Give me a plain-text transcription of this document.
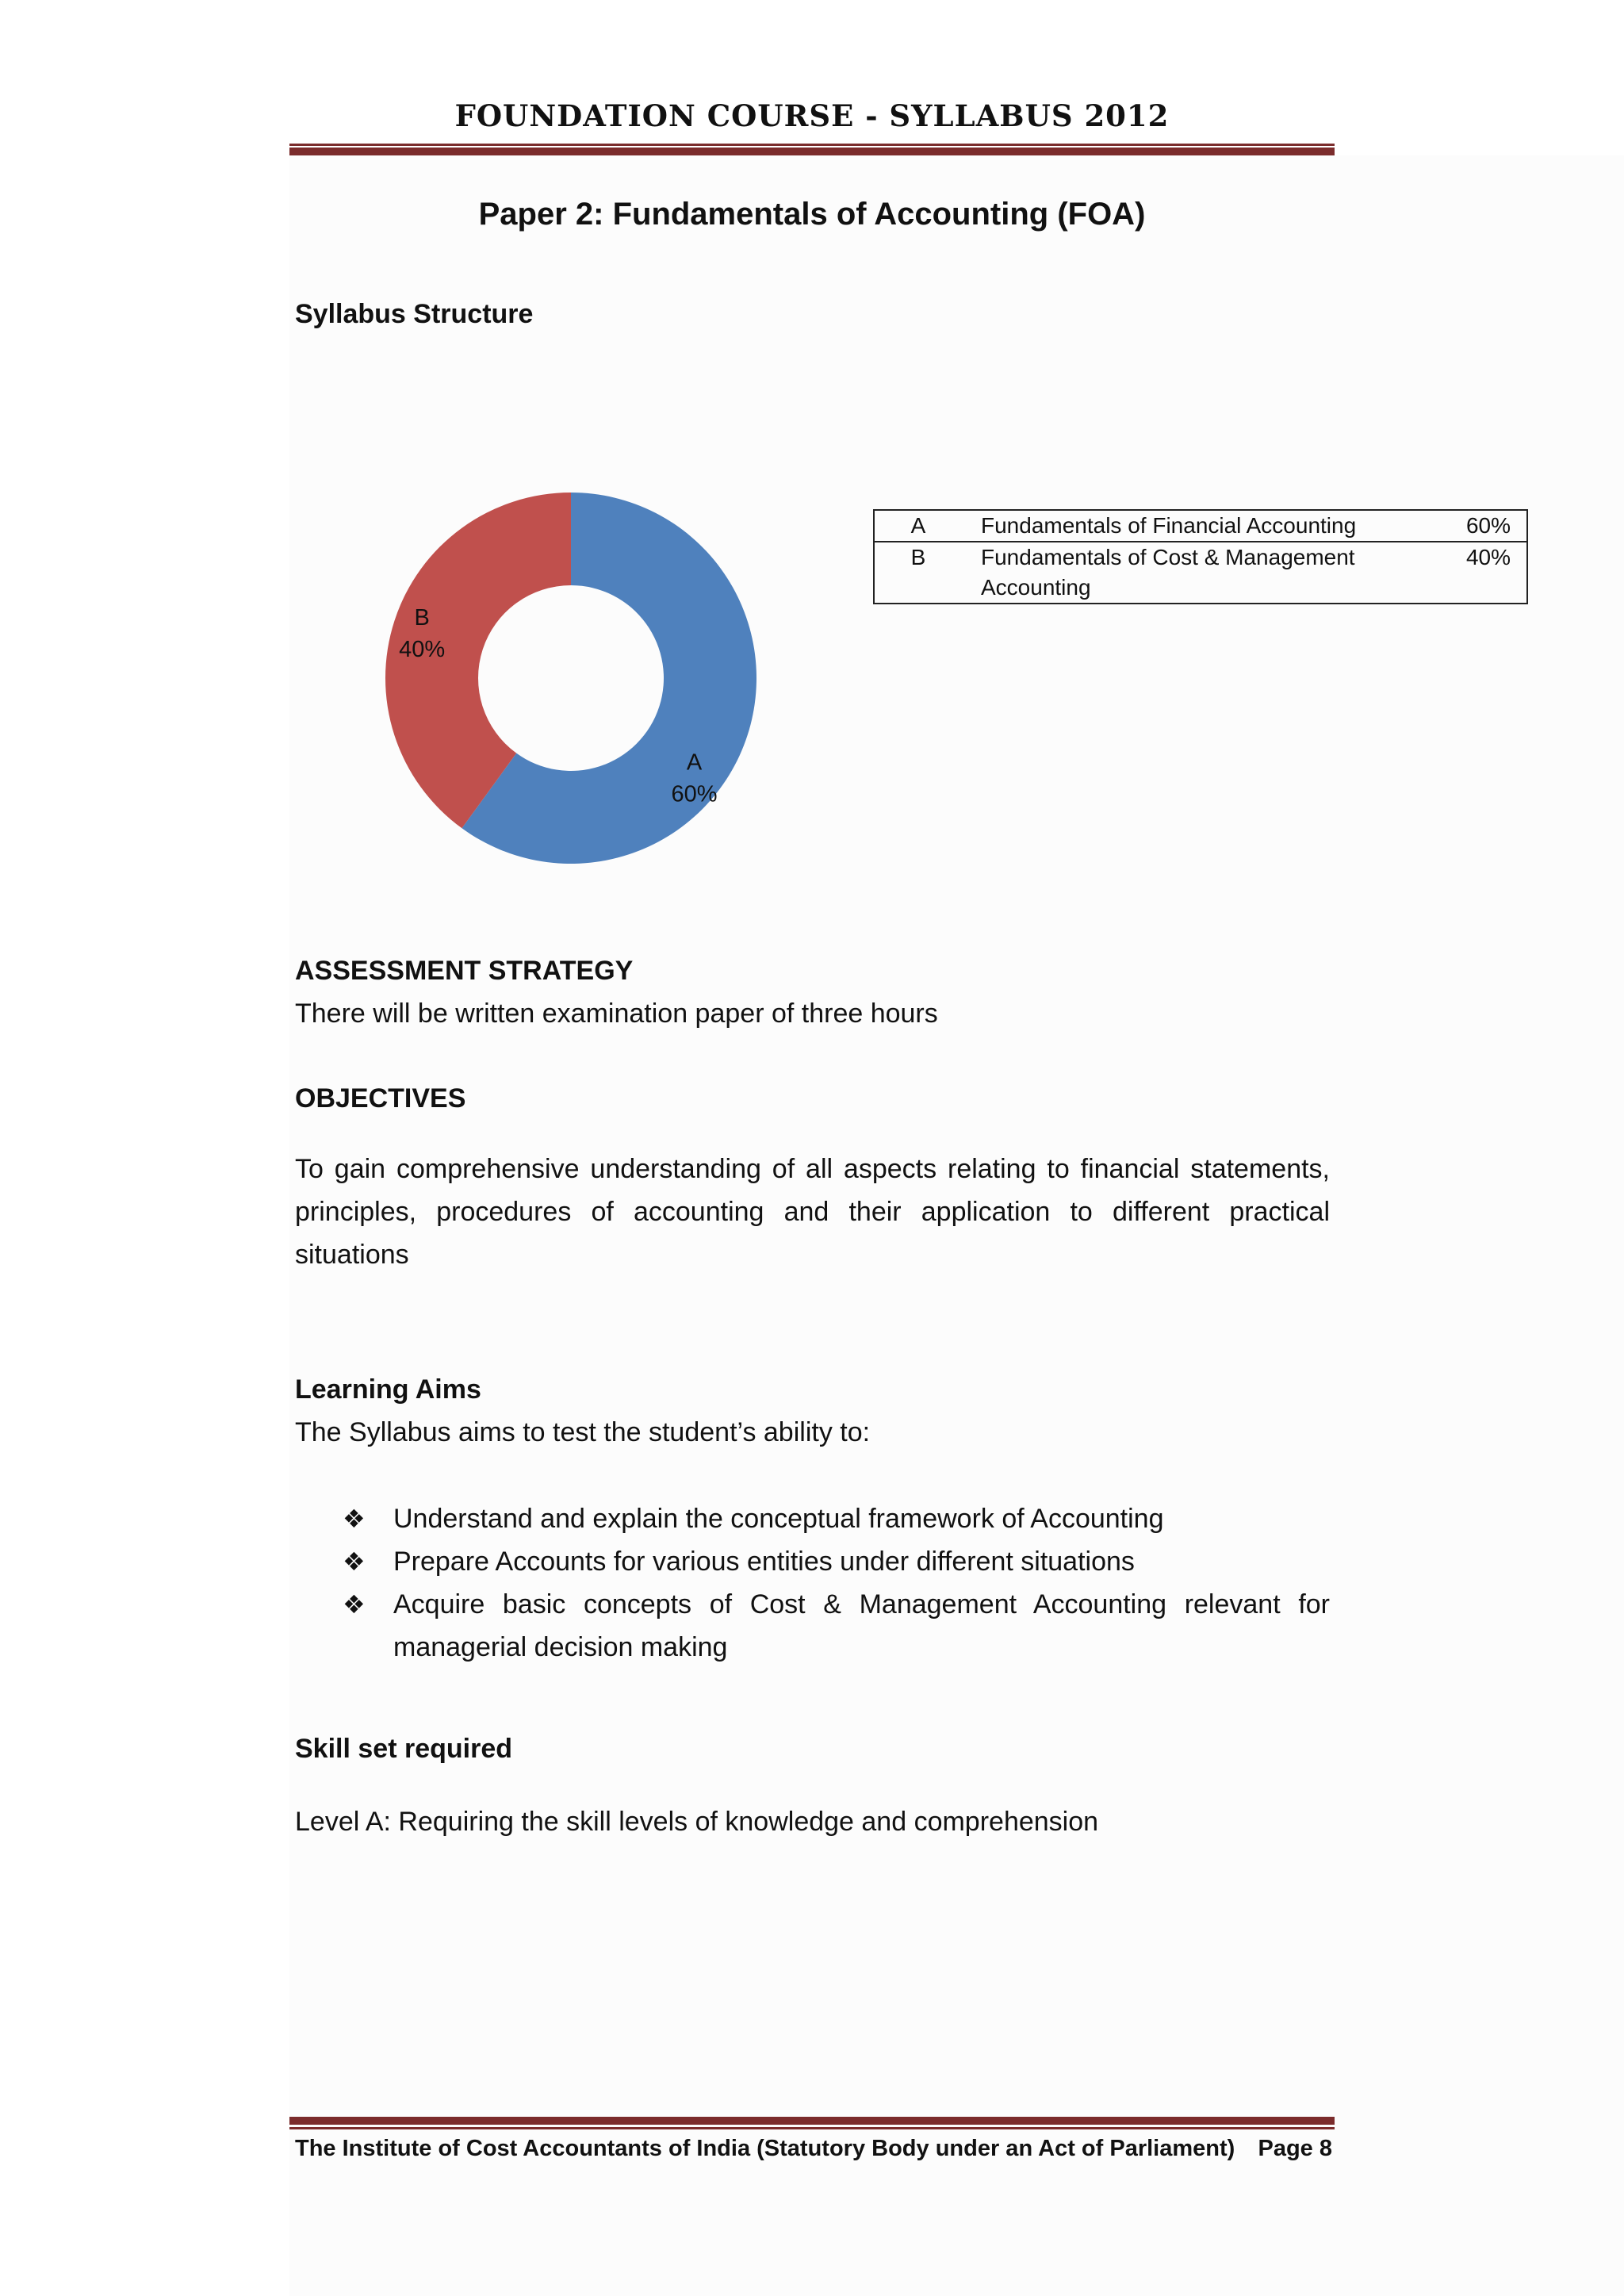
FOUNDATION COURSE - SYLLABUS 2012
Paper 2: Fundamentals of Accounting (FOA)
Syllabus Structure
A
60%
B
40%
A	Fundamentals of Financial Accounting	60%
B	Fundamentals of Cost & Management Accounting	40%
ASSESSMENT STRATEGY
There will be written examination paper of three hours
OBJECTIVES
To gain comprehensive understanding of all aspects relating to financial statements, principles, procedures of accounting and their application to different practical situations
Learning Aims
The Syllabus aims to test the student’s ability to:
❖	Understand and explain the conceptual framework of Accounting
❖	Prepare Accounts for various entities under different situations
❖	Acquire basic concepts of Cost & Management Accounting relevant for managerial decision making
Skill set required
Level A: Requiring the skill levels of knowledge and comprehension
The Institute of Cost Accountants of India (Statutory Body under an Act of Parliament) Page 8
